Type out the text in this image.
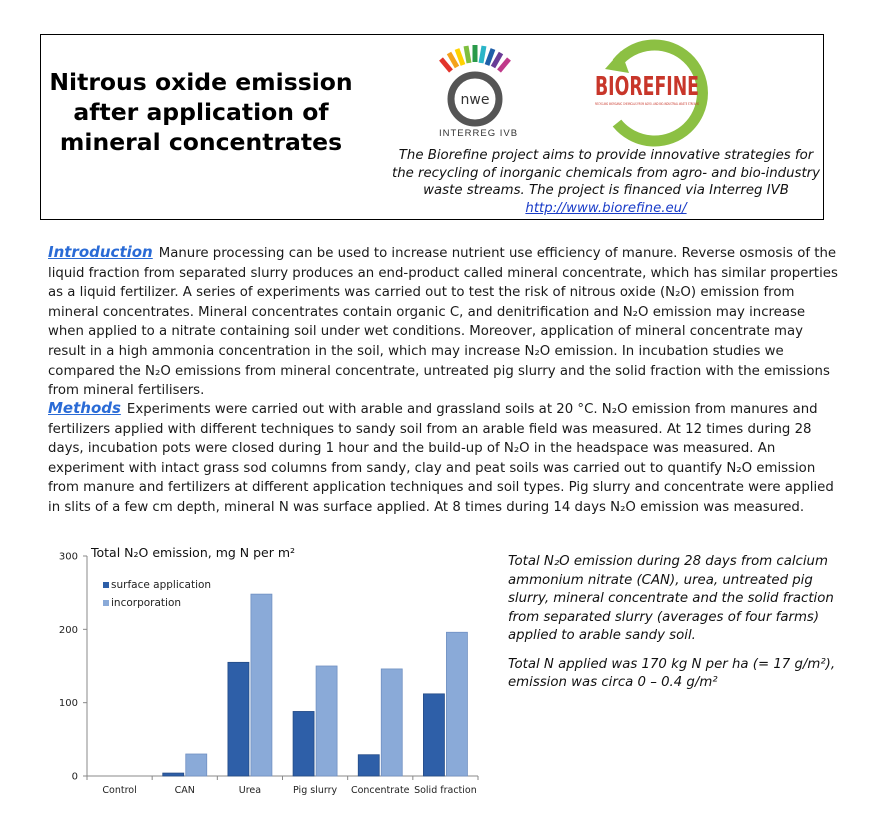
Nitrous oxide emission
after application of
mineral concentrates
nwe
INTERREG IVB
BIOREFINE
RECYCLING INORGANIC CHEMICALS FROM AGRO- AND BIO-INDUSTRIAL WASTE STREAMS
The Biorefine project aims to provide innovative strategies for the recycling of inorganic chemicals from agro- and bio-industry waste streams. The project is financed via Interreg IVB
http://www.biorefine.eu/
Introduction Manure processing can be used to increase nutrient use efficiency of manure. Reverse osmosis of the liquid fraction from separated slurry produces an end-product called mineral concentrate, which has similar properties as a liquid fertilizer. A series of experiments was carried out to test the risk of nitrous oxide (N₂O) emission from mineral concentrates. Mineral concentrates contain organic C, and denitrification and N₂O emission may increase when applied to a nitrate containing soil under wet conditions. Moreover, application of mineral concentrate may result in a high ammonia concentration in the soil, which may increase N₂O emission. In incubation studies we compared the N₂O emissions from mineral concentrate, untreated pig slurry and the solid fraction with the emissions from mineral fertilisers.
Methods Experiments were carried out with arable and grassland soils at 20 °C. N₂O emission from manures and fertilizers applied with different techniques to sandy soil from an arable field was measured. At 12 times during 28 days, incubation pots were closed during 1 hour and the build-up of N₂O in the headspace was measured. An experiment with intact grass sod columns from sandy, clay and peat soils was carried out to quantify N₂O emission from manure and fertilizers at different application techniques and soil types. Pig slurry and concentrate were applied in slits of a few cm depth, mineral N was surface applied. At 8 times during 14 days N₂O emission was measured.
0
100
200
300 Total N₂O emission, mg N per m²
surface application
incorporation
Control	CAN	Urea	Pig slurry Concentrate Solid fraction

Total N₂O emission during 28 days from calcium ammonium nitrate (CAN), urea, untreated pig slurry, mineral concentrate and the solid fraction from separated slurry (averages of four farms) applied to arable sandy soil.

Total N applied was 170 kg N per ha (= 17 g/m²), emission was circa 0 – 0.4 g/m²
